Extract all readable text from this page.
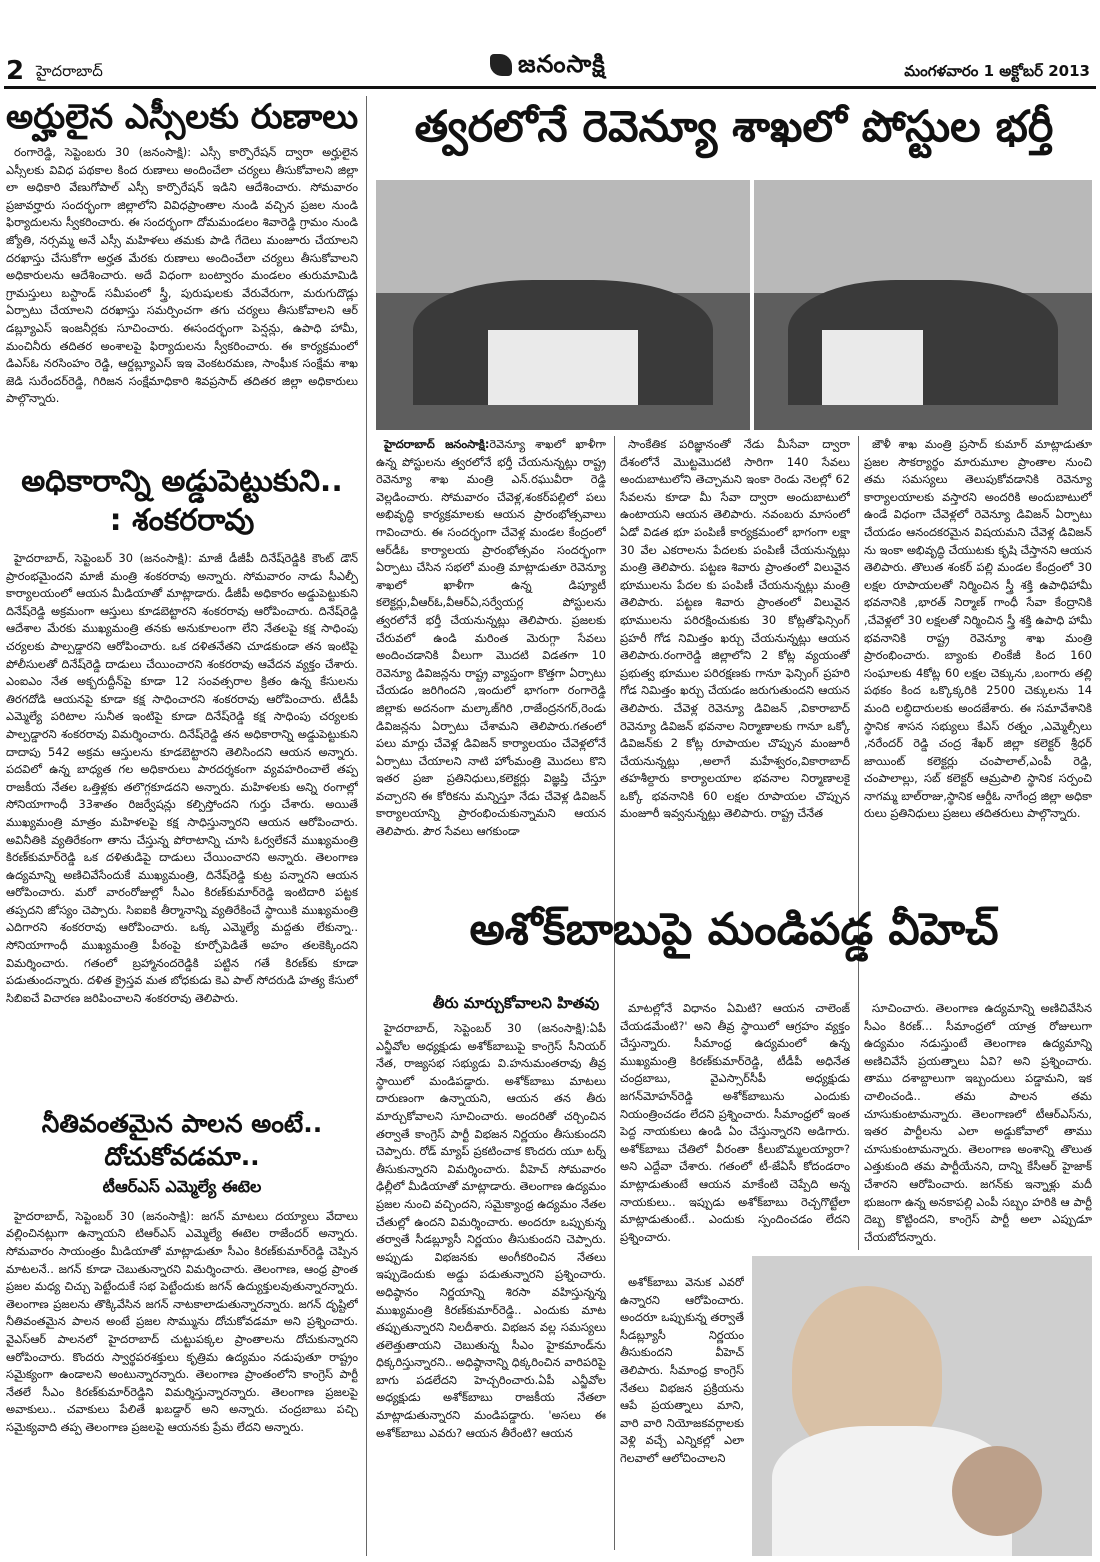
2 హైదరాబాద్	జనంసాక్షి	మంగళవారం 1 అక్టోబర్ 2013
అర్హులైన ఎస్సీలకు రుణాలు

రంగారెడ్డి, సెప్టెంబరు 30 (జనంసాక్షి): ఎస్సీ కార్పొరేషన్ ద్వారా అర్హులైన ఎస్సీలకు వివిధ పథకాల కింద రుణాలు అందించేలా చర్యలు తీసుకోవాలని జిల్లా లా అధికారి వేణుగోపాల్ ఎస్సీ కార్పొరేషన్ ఇడిని ఆదేశించారు. సోమవారం ప్రజావర్హారు సందర్భంగా జిల్లాలోని వివిధప్రాంతాల నుండి వచ్చిన ప్రజల నుండి ఫిర్యాదులను స్వీకరించారు. ఈ సందర్భంగా దోమమండలం శివారెడ్డి గ్రామం నుండి జ్యోతి, నర్సమ్మ అనే ఎస్సీ మహిళలు తమకు పాడి గేదెలు మంజూరు చేయాలని దరఖాస్తు చేసుకోగా అర్హత మేరకు రుణాలు అందించేలా చర్యలు తీసుకోవాలని అధికారులను ఆదేశించారు. అదే విధంగా బంట్వారం మండలం తురుమామిడి గ్రామస్తులు బస్టాండ్ సమీపంలో స్త్రీ, పురుషులకు వేరువేరుగా, మరుగుదొడ్లు ఏర్పాటు చేయాలని దరఖాస్తు సమర్పించగా తగు చర్యలు తీసుకోవాలని ఆర్ డబ్ల్యూఎస్ ఇంజనీర్లకు సూచించారు. ఈసందర్భంగా పెన్షన్లు, ఉపాధి హామీ, మంచినీరు తదితర అంశాలపై ఫిర్యాదులను స్వీకరించారు. ఈ కార్యక్రమంలో డిఎస్ఓ నరసింహం రెడ్డి, ఆర్డబ్ల్యూఎస్ ఇఇ వెంకటరమణ, సాంఘీక సంక్షేమ శాఖ జెడి సురేందర్‌రెడ్డి, గిరిజన సంక్షేమాధికారి శివప్రసాద్ తదితర జిల్లా అధికారులు పాల్గొన్నారు.

అధికారాన్ని అడ్డుపెట్టుకుని..
: శంకరరావు

హైదరాబాద్, సెప్టెంబర్ 30 (జనంసాక్షి): మాజీ డీజీపీ దినేష్‌రెడ్డికి కౌంట్ డౌన్ ప్రారంభమైందని మాజీ మంత్రి శంకరరావు అన్నారు. సోమవారం నాడు సీఎల్పీ కార్యాలయంలో ఆయన మీడియాతో మాట్లాడారు. డీజీపీ అధికారం అడ్డుపెట్టుకుని దినేష్‌రెడ్డి అక్రమంగా ఆస్తులు కూడబెట్టారని శంకరరావు ఆరోపించారు. దినేష్‌రెడ్డి ఆదేశాల మేరకు ముఖ్యమంత్రి తనకు అనుకూలంగా లేని నేతలపై కక్ష సాధింపు చర్యలకు పాల్పడ్డారని ఆరోపించారు. ఒక దళితనేతని చూడకుండా తన ఇంటిపై పోలీసులతో దినేష్‌రెడ్డి దాడులు చేయించారని శంకరరావు ఆవేదన వ్యక్తం చేశారు. ఎంఐఎం నేత అక్బరుద్దీన్‌పై కూడా 12 సంవత్సరాల క్రితం ఉన్న కేసులను తిరగదోడి ఆయనపై కూడా కక్ష సాధించారని శంకరరావు ఆరోపించారు. టీడీపీ ఎమ్మెల్యే పరిటాల సునీత ఇంటిపై కూడా దినేష్‌రెడ్డి కక్ష సాధింపు చర్యలకు పాల్పడ్డారని శంకరరావు విమర్శించారు. దినేష్‌రెడ్డి తన అధికారాన్ని అడ్డుపెట్టుకుని దాదాపు 542 అక్రమ ఆస్తులను కూడబెట్టారని తెలిసిందని ఆయన అన్నారు. పదవిలో ఉన్న బాధ్యత గల అధికారులు పారదర్శకంగా వ్యవహరించాలే తప్ప రాజకీయ నేతల ఒత్తిళ్లకు తలొగ్గకూడదని అన్నారు. మహిళలకు అన్ని రంగాల్లో సోనియాగాంధీ 33శాతం రిజర్వేషన్లు కల్పిస్తోందని గుర్తు చేశారు. అయితే ముఖ్యమంత్రి మాత్రం మహిళలపై కక్ష సాధిస్తున్నారని ఆయన ఆరోపించారు. అవినీతికి వ్యతిరేకంగా తాను చేస్తున్న పోరాటాన్ని చూసి ఓర్వలేకనే ముఖ్యమంత్రి కిరణ్‌కుమార్‌రెడ్డి ఒక దళితుడిపై దాడులు చేయించారని అన్నారు. తెలంగాణ ఉద్యమాన్ని అణిచివేసేందుకే ముఖ్యమంత్రి, దినేష్‌రెడ్డి కుట్ర పన్నారని ఆయన ఆరోపించారు. మరో వారంరోజుల్లో సీఎం కిరణ్‌కుమార్‌రెడ్డి ఇంటిదారి పట్టక తప్పదని జోస్యం చెప్పారు. సిఐఐకి తీర్మానాన్ని వ్యతిరేకించే స్థాయికి ముఖ్యమంత్రి ఎదిగారని శంకరరావు ఆరోపించారు. ఒక్క ఎమ్మెల్యే మద్దతు లేకున్నా.. సోనియాగాంధీ ముఖ్యమంత్రి పీఠంపై కూర్చోపెడితే అహం తలకెక్కిందని విమర్శించారు. గతంలో బ్రహ్మానందరెడ్డికి పట్టిన గతే కిరణ్‌కు కూడా పడుతుందన్నారు. దళిత క్రైస్తవ మత బోధకుడు కెఎ పాల్ సోదరుడి హత్య కేసులో సిబిఐచే విచారణ జరిపించాలని శంకరరావు తెలిపారు.

నీతివంతమైన పాలన అంటే..
దోచుకోవడమా..
టీఆర్ఎస్ ఎమ్మెల్యే ఈటెల

హైదరాబాద్, సెప్టెంబర్ 30 (జనంసాక్షి): జగన్ మాటలు దయ్యాలు వేదాలు వల్లించినట్లుగా ఉన్నాయని టిఆర్ఎస్ ఎమ్మెల్యే ఈటెల రాజేందర్ అన్నారు. సోమవారం సాయంత్రం మీడియాతో మాట్లాడుతూ సీఎం కిరణ్‌కుమార్‌రెడ్డి చెప్పిన మాటలనే.. జగన్ కూడా చెబుతున్నారని విమర్శించారు. తెలంగాణ, ఆంధ్ర ప్రాంత ప్రజల మధ్య చిచ్చు పెట్టేందుకే సభ పెట్టేందుకు జగన్ ఉద్యుక్తులవుతున్నారన్నారు. తెలంగాణ ప్రజలను తొక్కివేసిన జగన్ నాటకాలాడుతున్నారన్నారు. జగన్ దృష్టిలో నీతివంతమైన పాలన అంటే ప్రజల సొమ్మును దోచుకోవడమా అని ప్రశ్నించారు. వైఎస్‌ఆర్ పాలనలో హైదరాబాద్ చుట్టుపక్కల ప్రాంతాలను దోచుకున్నారని ఆరోపించారు. కొందరు స్వార్థపరశక్తులు కృత్రిమ ఉద్యమం నడుపుతూ రాష్ట్రం సమైక్యంగా ఉండాలని అంటున్నారన్నారు. తెలంగాణ ప్రాంతంలోని కాంగ్రెస్ పార్టీ నేతలే సీఎం కిరణ్‌కుమార్‌రెడ్డిని విమర్శిస్తున్నారన్నారు. తెలంగాణ ప్రజలపై అవాకులు.. చవాకులు పేలితే ఖబడ్దార్ అని అన్నారు. చంద్రబాబు పచ్చి సమైక్యవాది తప్ప తెలంగాణ ప్రజలపై ఆయనకు ప్రేమ లేదని అన్నారు.

త్వరలోనే రెవెన్యూ శాఖలో పోస్టుల భర్తీ

హైదరాబాద్ జనంసాక్షి:రెవెన్యూ శాఖలో ఖాళీగా ఉన్న పోస్టులను త్వరలోనే భర్తీ చేయనున్నట్లు రాష్ట్ర రెవెన్యూ శాఖ మంత్రి ఎన్.రఘువీరా రెడ్డి వెల్లడించారు. సోమవారం చేవెళ్ల,శంకర్‌పల్లిలో పలు అభివృద్ధి కార్యక్రమాలకు ఆయన ప్రారంభోత్సవాలు గావించారు. ఈ సందర్భంగా చేవెళ్ల మండల కేంద్రంలో ఆర్‌డీఓ కార్యాలయ ప్రారంభోత్సవం సందర్భంగా ఏర్పాటు చేసిన సభలో మంత్రి మాట్లాడుతూ రెవెన్యూ శాఖలో ఖాళీగా ఉన్న డిప్యూటీ కలెక్టర్లు,వీఆర్‌ఓ,వీఆర్‌ఏ,సర్వేయర్ల పోస్టులను త్వరలోనే భర్తీ చేయనున్నట్లు తెలిపారు. ప్రజలకు చేరువలో ఉండి మరింత మెరుగ్గా సేవలు అందించడానికి వీలుగా మొదటి విడతగా 10 రెవెన్యూ డివిజన్లను రాష్ట్ర వ్యాప్తంగా కొత్తగా ఏర్పాటు చేయడం జరిగిందని ,ఇందులో భాగంగా రంగారెడ్డి జిల్లాకు అదనంగా మల్కాజ్‌గిరి ,రాజేంద్రనగర్,రెండు డివిజన్లను ఏర్పాటు చేశామని తెలిపారు.గతంలో పలు మార్లు చేవెళ్ల డివిజన్ కార్యాలయం చేవెళ్లలోనే ఏర్పాటు చేయాలని నాటి హోంమంత్రి మొదలు కొని ఇతర ప్రజా ప్రతినిధులు,కలెక్టర్లు విజ్ఞప్తి చేస్తూ వచ్చారని ఈ కోరికను మన్నిస్తూ నేడు చేవెళ్ల డివిజన్ కార్యాలయాన్ని ప్రారంభించుకున్నామని ఆయన తెలిపారు. పౌర సేవలు ఆగకుండా

సాంకేతిక పరిజ్ఞానంతో నేడు మీసేవా ద్వారా దేశంలోనే మొట్టమొదటి సారిగా 140 సేవలు అందుబాటులోని తెచ్చామని ఇంకా రెండు నెలల్లో 62 సేవలను కూడా మీ సేవా ద్వారా అందుబాటులో ఉంటాయని ఆయన తెలిపారు. నవంబరు మాసంలో ఏడో విడత భూ పంపిణీ కార్యక్రమంలో భాగంగా లక్షా 30 వేల ఎకరాలను పేదలకు పంపిణీ చేయనున్నట్లు మంత్రి తెలిపారు. పట్టణ శివారు ప్రాంతంలో విలువైన భూములను పేదల కు పంపిణీ చేయనున్నట్లు మంత్రి తెలిపారు. పట్టణ శివారు ప్రాంతంలో విలువైన భూములను పరిరక్షించుకుకు 30 కోట్లతోఫెన్సింగ్ ప్రహరీ గోడ నిమిత్తం ఖర్చు చేయనున్నట్లు ఆయన తెలిపారు.రంగారెడ్డి జిల్లాలోని 2 కోట్ల వ్యయంతో ప్రభుత్వ భూముల పరిరక్షణకు గానూ ఫెన్సింగ్ ప్రహరి గోడ నిమిత్తం ఖర్చు చేయడం జరుగుతుందని ఆయన తెలిపారు. చేవెళ్ల రెవెన్యూ డివిజన్ ,వికారాబాద్ రెవెన్యూ డివిజన్ భవనాల నిర్మాణాలకు గానూ ఒక్కో డివిజన్‌కు 2 కోట్ల రూపాయల చొప్పున మంజూరీ చేయనున్నట్లు ,అలాగే మహేశ్వరం,వికారాబాద్ తహశీల్దారు కార్యాలయాల భవనాల నిర్మాణాలకై ఒక్కో భవనానికి 60 లక్షల రూపాయల చొప్పున మంజూరీ ఇవ్వనున్నట్లు తెలిపారు. రాష్ట్ర చేనేత

జౌళీ శాఖ మంత్రి ప్రసాద్ కుమార్ మాట్లాడుతూ ప్రజల సౌకర్యార్థం మారుమూల ప్రాంతాల నుంచి తమ సమస్యలు తెలుపుకోవడానికి రెవెన్యూ కార్యాలయాలకు వస్తారని అందరికి అందుబాటులో ఉండే విధంగా చేవెళ్లలో రెవెన్యూ డివిజన్ ఏర్పాటు చేయడం ఆనందకరమైన విషయమని చేవెళ్ల డివిజన్ ను ఇంకా అభివృద్ధి చేయుటకు కృషి చేస్తానని ఆయన తెలిపారు. తొలుత శంకర్ పల్లి మండల కేంద్రంలో 30 లక్షల రూపాయలతో నిర్మించిన స్త్రీ శక్తి ఉపాధిహామీ భవనానికి ,భారత్ నిర్మాణ్ గాంధీ సేవా కేంద్రానికి ,చేవెళ్లలో 30 లక్షలతో నిర్మించిన స్త్రీ శక్తి ఉపాధి హామీ భవనానికి రాష్ట్ర రెవెన్యూ శాఖ మంత్రి ప్రారంభించారు. బ్యాంకు లింకేజీ కింద 160 సంఘాలకు 4కోట్ల 60 లక్షల చెక్కును ,బంగారు తల్లి పథకం కింద ఒక్కొక్కరికి 2500 చెక్కులను 14 మంది లబ్ధిదారులకు అందజేశారు. ఈ సమావేశానికి స్థానిక శాసన సభ్యులు కేఎస్ రత్నం ,ఎమ్మెల్సీలు ,నరేందర్ రెడ్డి చంద్ర శేఖర్ జిల్లా కలెక్టర్ శ్రీధర్ జాయింట్ కలెక్టర్లు చంపాలాల్,ఎంపీ రెడ్డి, చంపాలాల్లు, సబ్ కలెక్టర్ ఆమ్రపాలి స్థానిక సర్పంచి నాగమ్మ బాల్‌రాజు,స్థానిక ఆర్డీఓ నాగేంద్ర జిల్లా అధికా రులు ప్రతినిధులు ప్రజలు తదితరులు పాల్గొన్నారు.

అశోక్‌బాబుపై మండిపడ్డ వీహెచ్
తీరు మార్చుకోవాలని హితవు

హైదరాబాద్, సెప్టెంబర్ 30 (జనంసాక్షి):ఏపీ ఎన్జీవోల అధ్యక్షుడు అశోక్‌బాబుపై కాంగ్రెస్ సీనియర్ నేత, రాజ్యసభ సభ్యుడు వి.హనుమంతరావు తీవ్ర స్థాయిలో మండిపడ్డారు. అశోక్‌బాబు మాటలు దారుణంగా ఉన్నాయని, ఆయన తన తీరు మార్చుకోవాలని సూచించారు. అందరితో చర్చించిన తర్వాతే కాంగ్రెస్ పార్టీ విభజన నిర్ణయం తీసుకుందని చెప్పారు. రోడ్ మ్యాప్ ప్రకటించాక కొందరు యూ టర్న్ తీసుకున్నారని విమర్శించారు. వీహెచ్ సోమవారం ఢిల్లీలో మీడియాతో మాట్లాడారు. తెలంగాణ ఉద్యమం ప్రజల నుంచి వచ్చిందని, సమైక్యాంధ్ర ఉద్యమం నేతల చేతుల్లో ఉందని విమర్శించారు. అందరూ ఒప్పుకున్న తర్వాతే సీడబ్ల్యూసీ నిర్ణయం తీసుకుందని చెప్పారు. అప్పుడు విభజనకు అంగీకరించిన నేతలు ఇప్పుడెందుకు అడ్డు పడుతున్నారని ప్రశ్నించారు. అధిష్ఠానం నిర్ణయాన్ని శిరసా వహిస్తున్నన్న ముఖ్యమంత్రి కిరణ్‌కుమార్‌రెడ్డి.. ఎందుకు మాట తప్పుతున్నారని నిలదీశారు. విభజన వల్ల సమస్యలు తలెత్తుతాయని చెబుతున్న సీఎం హైకమాండ్‌ను ధిక్కరిస్తున్నారని.. అధిష్ఠానాన్ని ధిక్కరించిన వారిపరిపై బాగు పడలేదని హెచ్చరించారు.ఏపీ ఎన్జీవోల అధ్యక్షుడు అశోక్‌బాబు రాజకీయ నేతలా మాట్లాడుతున్నారని మండిపడ్డారు. 'అసలు ఈ అశోక్‌బాబు ఎవరు? ఆయన తీరేంటి? ఆయన

మాటల్లోనే విధానం ఏమిటి? ఆయన చాలెంజ్ చేయడమేంటి?' అని తీవ్ర స్థాయిలో ఆగ్రహం వ్యక్తం చేస్తున్నారు. సీమాంధ్ర ఉద్యమంలో ఉన్న ముఖ్యమంత్రి కిరణ్‌కుమార్‌రెడ్డి, టీడీపీ అధినేత చంద్రబాబు, వైఎస్సార్‌సీపీ అధ్యక్షుడు జగన్‌మోహన్‌రెడ్డి అశోక్‌బాబును ఎందుకు నియంత్రించడం లేదని ప్రశ్నించారు. సీమాంధ్రలో ఇంత పెద్ద నాయకులు ఉండి ఏం చేస్తున్నారని అడిగారు. అశోక్‌బాబు చేతిలో వీరంతా కీలుబొమ్మలయ్యారా? అని ఎద్దేవా చేశారు. గతంలో టీ-జేఏసీ కోదండరాం మాట్లాడుతుంటే ఆయన మాకేంటి చెప్పేది అన్న నాయకులు.. ఇప్పుడు అశోక్‌బాబు రెచ్చగొట్టేలా మాట్లాడుతుంటే.. ఎందుకు స్పందించడం లేదని ప్రశ్నించారు.

అశోక్‌బాబు వెనుక ఎవరో ఉన్నారని ఆరోపించారు. అందరూ ఒప్పుకున్న తర్వాతే సీడబ్ల్యూసీ నిర్ణయం తీసుకుందని వీహెచ్ తెలిపారు. సీమాంధ్ర కాంగ్రెస్ నేతలు విభజన ప్రక్రియను ఆపే ప్రయత్నాలు మాని, వారి వారి నియోజకవర్గాలకు వెళ్లి వచ్చే ఎన్నికల్లో ఎలా గెలవాలో ఆలోచించాలని

సూచించారు. తెలంగాణ ఉద్యమాన్ని అణిచివేసిన సీఎం కిరణ్... సీమాంధ్రలో యాత్ర రోజులుగా ఉద్యమం నడుస్తుంటే తెలంగాణ ఉద్యమాన్ని అణిచివేసే ప్రయత్నాలు ఏవి? అని ప్రశ్నించారు. తాము దశాబ్దాలుగా ఇబ్బందులు పడ్డామని, ఇక చాలించండి.. తమ పాలన తమ చూసుకుంటామన్నారు. తెలంగాణలో టీఆర్ఎస్‌ను, ఇతర పార్టీలను ఎలా అడ్డుకోవాలో తాము చూసుకుంటామన్నారు. తెలంగాణ అంశాన్ని తొలుత ఎత్తుకుంది తమ పార్టీయేనని, దాన్ని కేసీఆర్ హైజాక్ చేశారని ఆరోపించారు. జగన్‌కు ఇన్నాళ్లు మదీ భుజంగా ఉన్న అనకాపల్లి ఎంపీ సబ్బం హరికి ఆ పార్టీ దెబ్బ కొట్టిందని, కాంగ్రెస్ పార్టీ అలా ఎప్పుడూ చేయబోదన్నారు.
